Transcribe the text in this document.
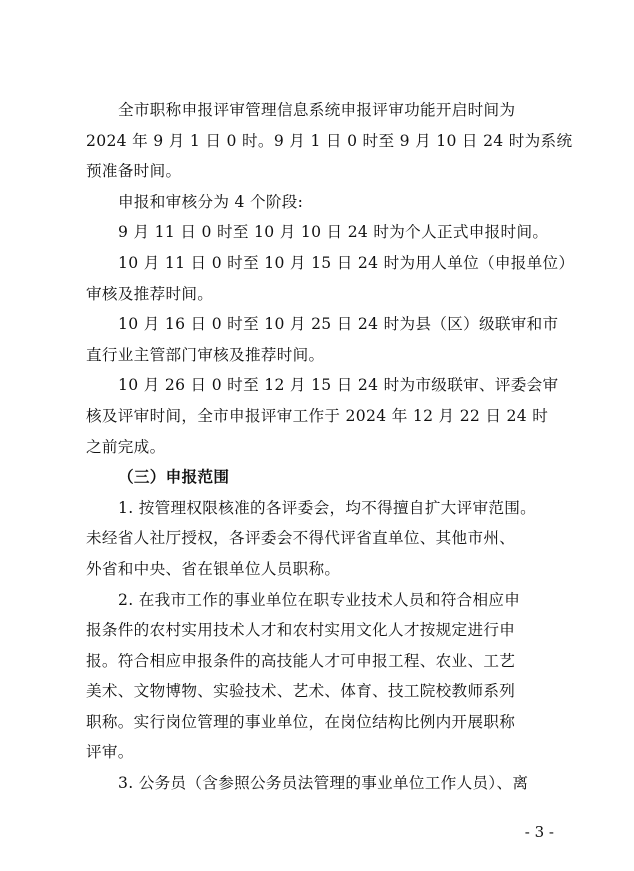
全市职称申报评审管理信息系统申报评审功能开启时间为
2024 年 9 月 1 日 0 时。9 月 1 日 0 时至 9 月 10 日 24 时为系统
预准备时间。
申报和审核分为 4 个阶段:
9 月 11 日 0 时至 10 月 10 日 24 时为个人正式申报时间。
10 月 11 日 0 时至 10 月 15 日 24 时为用人单位（申报单位）
审核及推荐时间。
10 月 16 日 0 时至 10 月 25 日 24 时为县（区）级联审和市
直行业主管部门审核及推荐时间。
10 月 26 日 0 时至 12 月 15 日 24 时为市级联审、评委会审
核及评审时间，全市申报评审工作于 2024 年 12 月 22 日 24 时
之前完成。
（三）申报范围
1. 按管理权限核准的各评委会，均不得擅自扩大评审范围。
未经省人社厅授权，各评委会不得代评省直单位、其他市州、
外省和中央、省在银单位人员职称。
2. 在我市工作的事业单位在职专业技术人员和符合相应申
报条件的农村实用技术人才和农村实用文化人才按规定进行申
报。符合相应申报条件的高技能人才可申报工程、农业、工艺
美术、文物博物、实验技术、艺术、体育、技工院校教师系列
职称。实行岗位管理的事业单位，在岗位结构比例内开展职称
评审。
3. 公务员（含参照公务员法管理的事业单位工作人员）、离
- 3 -
